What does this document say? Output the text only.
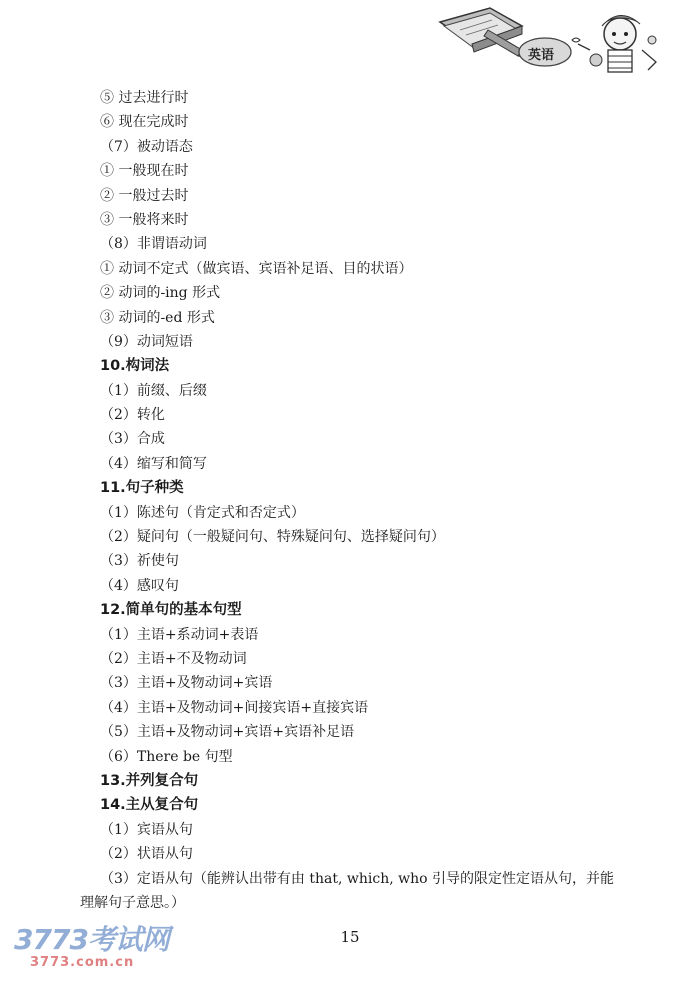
英语
⑤ 过去进行时
⑥ 现在完成时
（7）被动语态
① 一般现在时
② 一般过去时
③ 一般将来时
（8）非谓语动词
① 动词不定式（做宾语、宾语补足语、目的状语）
② 动词的-ing 形式
③ 动词的-ed 形式
（9）动词短语
10.构词法
（1）前缀、后缀
（2）转化
（3）合成
（4）缩写和简写
11.句子种类
（1）陈述句（肯定式和否定式）
（2）疑问句（一般疑问句、特殊疑问句、选择疑问句）
（3）祈使句
（4）感叹句
12.简单句的基本句型
（1）主语+系动词+表语
（2）主语+不及物动词
（3）主语+及物动词+宾语
（4）主语+及物动词+间接宾语+直接宾语
（5）主语+及物动词+宾语+宾语补足语
（6）There be 句型
13.并列复合句
14.主从复合句
（1）宾语从句
（2）状语从句
（3）定语从句（能辨认出带有由 that, which, who 引导的限定性定语从句，并能
理解句子意思。）
15
3773考试网
3773.com.cn
